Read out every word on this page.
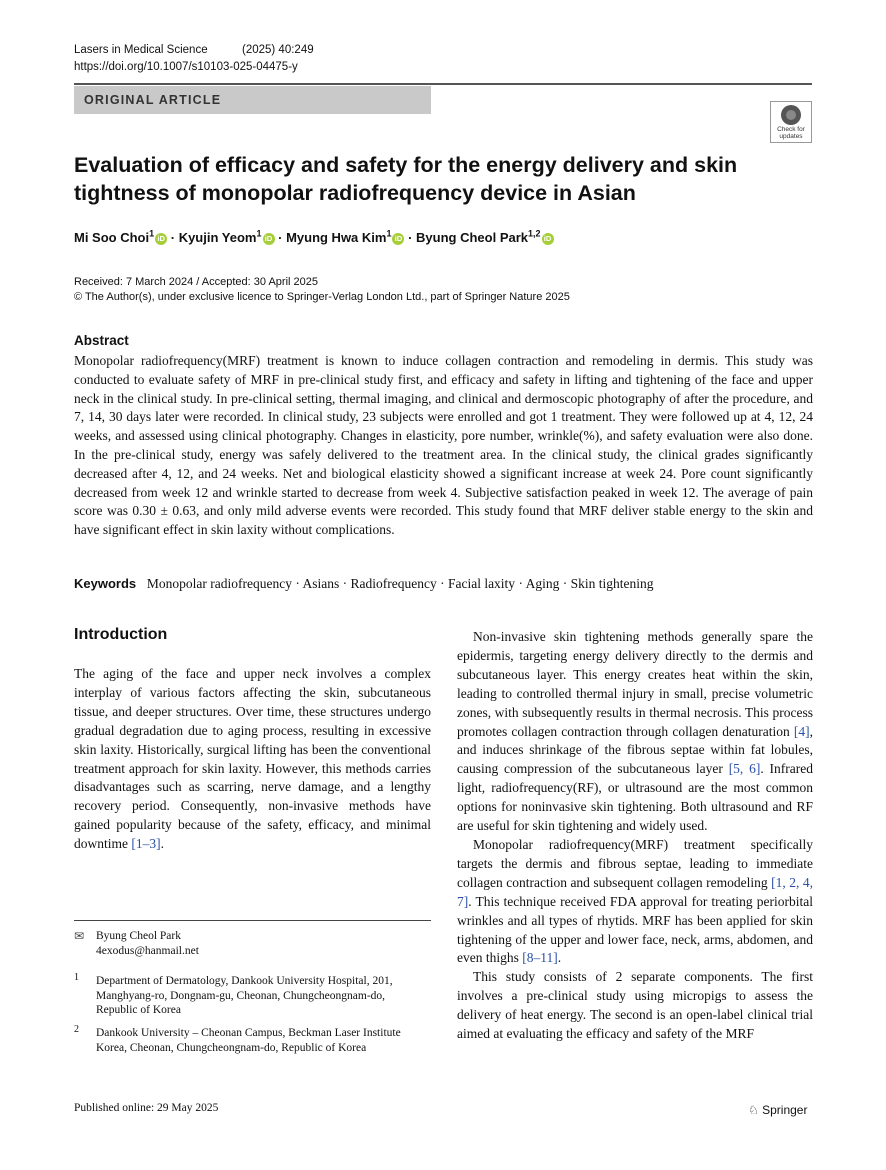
Lasers in Medical Science	(2025) 40:249
https://doi.org/10.1007/s10103-025-04475-y
ORIGINAL ARTICLE
Check for
updates
Evaluation of efficacy and safety for the energy delivery and skin tightness of monopolar radiofrequency device in Asian
Mi Soo Choi$^1$ iD · Kyujin Yeom$^1$ iD · Myung Hwa Kim$^1$ iD · Byung Cheol Park$^{1,2}$ iD
Received: 7 March 2024 / Accepted: 30 April 2025
© The Author(s), under exclusive licence to Springer-Verlag London Ltd., part of Springer Nature 2025
Abstract
Monopolar radiofrequency(MRF) treatment is known to induce collagen contraction and remodeling in dermis. This study was conducted to evaluate safety of MRF in pre-clinical study first, and efficacy and safety in lifting and tightening of the face and upper neck in the clinical study. In pre-clinical setting, thermal imaging, and clinical and dermoscopic photography of after the procedure, and 7, 14, 30 days later were recorded. In clinical study, 23 subjects were enrolled and got 1 treatment. They were followed up at 4, 12, 24 weeks, and assessed using clinical photography. Changes in elasticity, pore number, wrinkle(%), and safety evaluation were also done. In the pre-clinical study, energy was safely delivered to the treatment area. In the clinical study, the clinical grades significantly decreased after 4, 12, and 24 weeks. Net and biological elasticity showed a significant increase at week 24. Pore count significantly decreased from week 12 and wrinkle started to decrease from week 4. Subjective satisfaction peaked in week 12. The average of pain score was 0.30 ± 0.63, and only mild adverse events were recorded. This study found that MRF deliver stable energy to the skin and have significant effect in skin laxity without complications.
Keywords Monopolar radiofrequency · Asians · Radiofrequency · Facial laxity · Aging · Skin tightening
Introduction

The aging of the face and upper neck involves a complex interplay of various factors affecting the skin, subcutaneous tissue, and deeper structures. Over time, these structures undergo gradual degradation due to aging process, resulting in excessive skin laxity. Historically, surgical lifting has been the conventional treatment approach for skin laxity. However, this methods carries disadvantages such as scarring, nerve damage, and a lengthy recovery period. Consequently, non-invasive methods have gained popularity because of the safety, efficacy, and minimal downtime [1–3].

Non-invasive skin tightening methods generally spare the epidermis, targeting energy delivery directly to the dermis and subcutaneous layer. This energy creates heat within the skin, leading to controlled thermal injury in small, precise volumetric zones, with subsequently results in thermal necrosis. This process promotes collagen contraction through collagen denaturation [4], and induces shrinkage of the fibrous septae within fat lobules, causing compression of the subcutaneous layer [5, 6]. Infrared light, radiofrequency(RF), or ultrasound are the most common options for noninvasive skin tightening. Both ultrasound and RF are useful for skin tightening and widely used.

Monopolar radiofrequency(MRF) treatment specifically targets the dermis and fibrous septae, leading to immediate collagen contraction and subsequent collagen remodeling [1, 2, 4, 7]. This technique received FDA approval for treating periorbital wrinkles and all types of rhytids. MRF has been applied for skin tightening of the upper and lower face, neck, arms, abdomen, and even thighs [8–11].

This study consists of 2 separate components. The first involves a pre-clinical study using micropigs to assess the delivery of heat energy. The second is an open-label clinical trial aimed at evaluating the efficacy and safety of the MRF

✉ Byung Cheol Park
4exodus@hanmail.net
1 Department of Dermatology, Dankook University Hospital, 201, Manghyang-ro, Dongnam-gu, Cheonan, Chungcheongnam-do, Republic of Korea
2 Dankook University – Cheonan Campus, Beckman Laser Institute Korea, Cheonan, Chungcheongnam-do, Republic of Korea
Published online: 29 May 2025	♘ Springer
